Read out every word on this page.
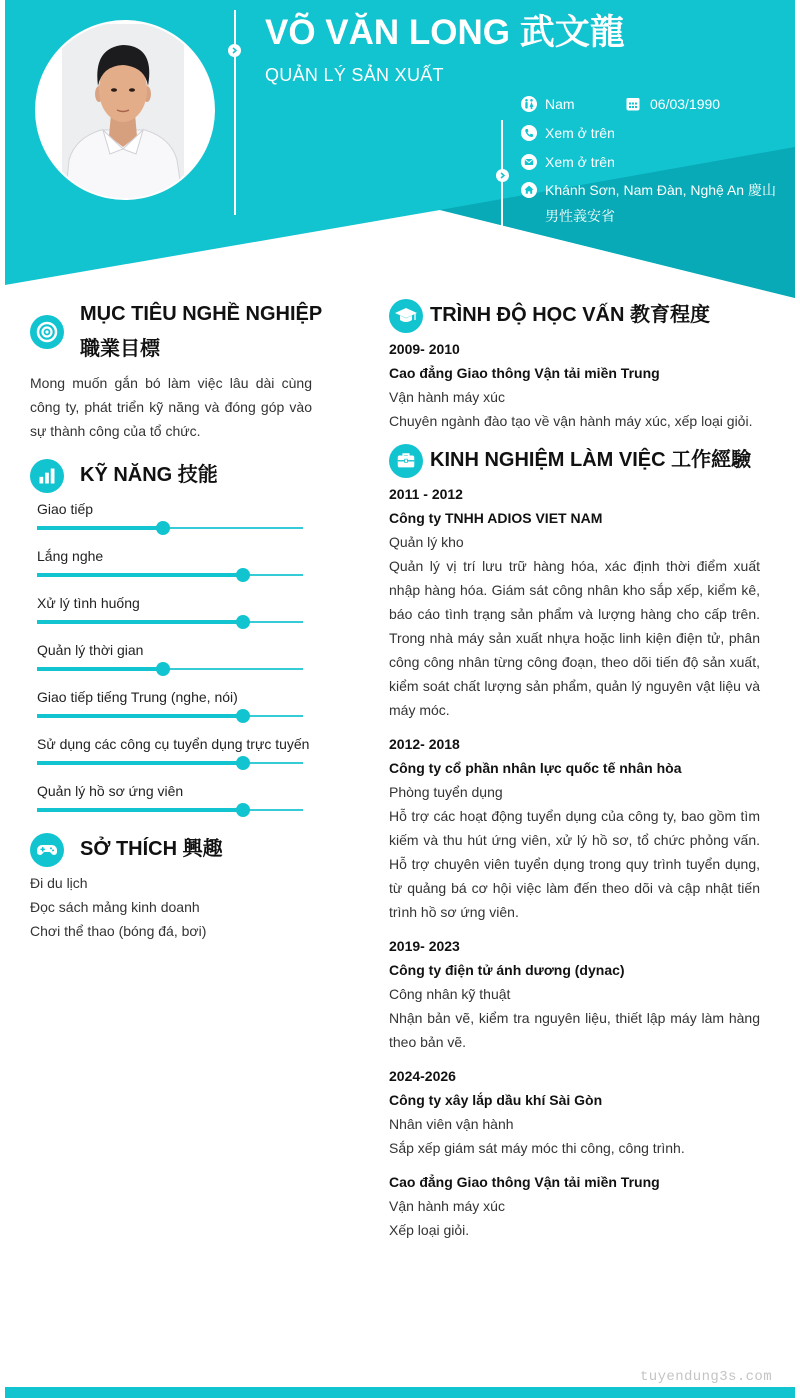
VÕ VĂN LONG 武文龍
QUẢN LÝ SẢN XUẤT
Nam	06/03/1990
Xem ở trên
Xem ở trên
Khánh Sơn, Nam Đàn, Nghệ An 慶山 男性義安省
MỤC TIÊU NGHỀ NGHIỆP職業目標
Mong muốn gắn bó làm việc lâu dài cùng công ty, phát triển kỹ năng và đóng góp vào sự thành công của tổ chức.
KỸ NĂNG 技能
Giao tiếp
Lắng nghe
Xử lý tình huống
Quản lý thời gian
Giao tiếp tiếng Trung (nghe, nói)
Sử dụng các công cụ tuyển dụng trực tuyến
Quản lý hồ sơ ứng viên
SỞ THÍCH 興趣
Đi du lịch
Đọc sách mảng kinh doanh
Chơi thể thao (bóng đá, bơi)
TRÌNH ĐỘ HỌC VẤN 教育程度
2009- 2010
Cao đẳng Giao thông Vận tải miền Trung
Vận hành máy xúc
Chuyên ngành đào tạo về vận hành máy xúc, xếp loại giỏi.
KINH NGHIỆM LÀM VIỆC 工作經驗
2011 - 2012
Công ty TNHH ADIOS VIET NAM
Quản lý kho
Quản lý vị trí lưu trữ hàng hóa, xác định thời điểm xuất nhập hàng hóa. Giám sát công nhân kho sắp xếp, kiểm kê, báo cáo tình trạng sản phẩm và lượng hàng cho cấp trên. Trong nhà máy sản xuất nhựa hoặc linh kiện điện tử, phân công công nhân từng công đoạn, theo dõi tiến độ sản xuất, kiểm soát chất lượng sản phẩm, quản lý nguyên vật liệu và máy móc.
2012- 2018
Công ty cổ phần nhân lực quốc tế nhân hòa
Phòng tuyển dụng
Hỗ trợ các hoạt động tuyển dụng của công ty, bao gồm tìm kiếm và thu hút ứng viên, xử lý hồ sơ, tổ chức phỏng vấn. Hỗ trợ chuyên viên tuyển dụng trong quy trình tuyển dụng, từ quảng bá cơ hội việc làm đến theo dõi và cập nhật tiến trình hồ sơ ứng viên.
2019- 2023
Công ty điện tử ánh dương (dynac)
Công nhân kỹ thuật
Nhận bản vẽ, kiểm tra nguyên liệu, thiết lập máy làm hàng theo bản vẽ.
2024-2026
Công ty xây lắp dầu khí Sài Gòn
Nhân viên vận hành
Sắp xếp giám sát máy móc thi công, công trình.
Cao đẳng Giao thông Vận tải miền Trung
Vận hành máy xúc
Xếp loại giỏi.
tuyendung3s.com
